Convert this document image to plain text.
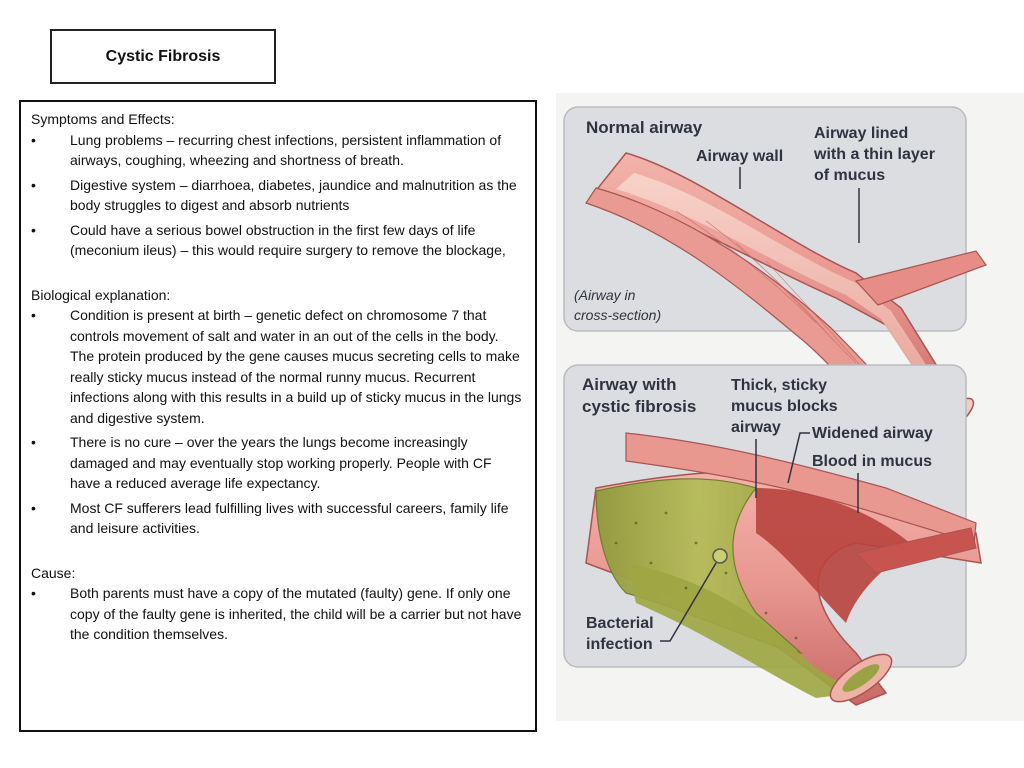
Cystic Fibrosis
Symptoms and Effects:
• Lung problems – recurring chest infections, persistent inflammation of airways, coughing, wheezing and shortness of breath.
• Digestive system – diarrhoea, diabetes, jaundice and malnutrition as the body struggles to digest and absorb nutrients
• Could have a serious bowel obstruction in the first few days of life (meconium ileus) – this would require surgery to remove the blockage,
Biological explanation:
• Condition is present at birth – genetic defect on chromosome 7 that controls movement of salt and water in an out of the cells in the body. The protein produced by the gene causes mucus secreting cells to make really sticky mucus instead of the normal runny mucus. Recurrent infections along with this results in a build up of sticky mucus in the lungs and digestive system.
• There is no cure – over the years the lungs become increasingly damaged and may eventually stop working properly. People with CF have a reduced average life expectancy.
• Most CF sufferers lead fulfilling lives with successful careers, family life and leisure activities.
Cause:
• Both parents must have a copy of the mutated (faulty) gene. If only one copy of the faulty gene is inherited, the child will be a carrier but not have the condition themselves.
Normal airway
Airway wall
Airway lined
with a thin layer
of mucus
(Airway in
cross-section)
Airway with
cystic fibrosis
Thick, sticky
mucus blocks
airway Widened airway
Blood in mucus
Bacterial
infection
